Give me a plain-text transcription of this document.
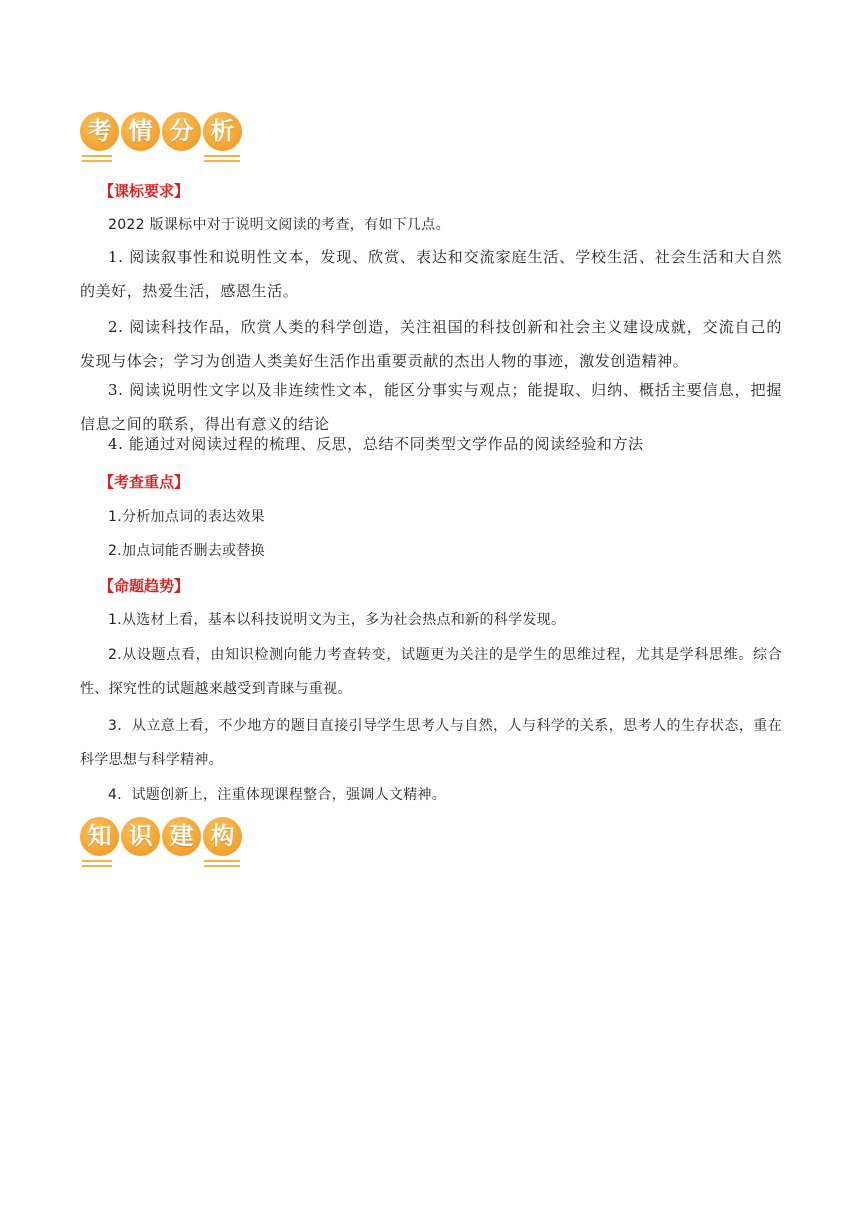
考 情 分 析
【课标要求】
2022 版课标中对于说明文阅读的考查，有如下几点。
1. 阅读叙事性和说明性文本，发现、欣赏、表达和交流家庭生活、学校生活、社会生活和大自然的美好，热爱生活，感恩生活。
2. 阅读科技作品，欣赏人类的科学创造，关注祖国的科技创新和社会主义建设成就，交流自己的发现与体会；学习为创造人类美好生活作出重要贡献的杰出人物的事迹，激发创造精神。
3. 阅读说明性文字以及非连续性文本，能区分事实与观点；能提取、归纳、概括主要信息，把握信息之间的联系，得出有意义的结论
4. 能通过对阅读过程的梳理、反思，总结不同类型文学作品的阅读经验和方法
【考查重点】
1.分析加点词的表达效果
2.加点词能否删去或替换
【命题趋势】
1.从选材上看，基本以科技说明文为主，多为社会热点和新的科学发现。
2.从设题点看，由知识检测向能力考查转变，试题更为关注的是学生的思维过程，尤其是学科思维。综合性、探究性的试题越来越受到青睐与重视。
3．从立意上看，不少地方的题目直接引导学生思考人与自然，人与科学的关系，思考人的生存状态，重在科学思想与科学精神。
4．试题创新上，注重体现课程整合，强调人文精神。
知 识 建 构
